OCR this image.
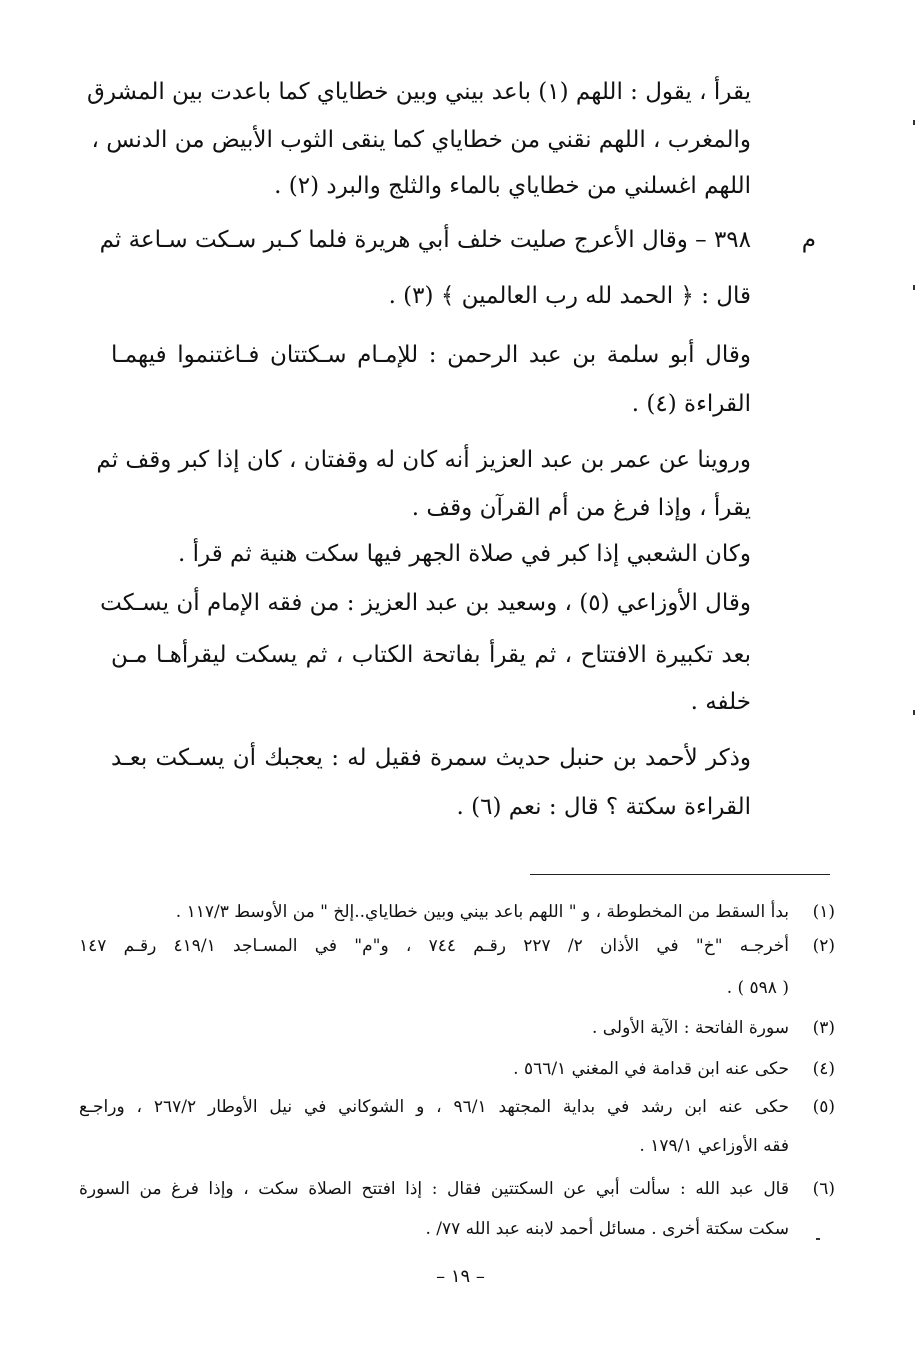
يقرأ ، يقول : اللهم (١) باعد بيني وبين خطاياي كما باعدت بين المشرق
والمغرب ، اللهم نقني من خطاياي كما ينقى الثوب الأبيض من الدنس ،
اللهم اغسلني من خطاياي بالماء والثلج والبرد (٢) .
م
٣٩٨ – وقال الأعرج صليت خلف أبي هريرة فلما كـبر سـكت سـاعة ثم
قال : ﴿ الحمد لله رب العالمين ﴾ (٣) .
وقال أبو سلمة بن عبد الرحمن : للإمـام سـكتتان فـاغتنموا فيهمـا
القراءة (٤) .
وروينا عن عمر بن عبد العزيز أنه كان له وقفتان ، كان إذا كبر وقف ثم
يقرأ ، وإذا فرغ من أم القرآن وقف .
وكان الشعبي إذا كبر في صلاة الجهر فيها سكت هنية ثم قرأ .
وقال الأوزاعي (٥) ، وسعيد بن عبد العزيز : من فقه الإمام أن يسـكت
بعد تكبيرة الافتتاح ، ثم يقرأ بفاتحة الكتاب ، ثم يسكت ليقرأهـا مـن
خلفه .
وذكر لأحمد بن حنبل حديث سمرة فقيل له : يعجبك أن يسـكت بعـد
القراءة سكتة ؟ قال : نعم (٦) .
(١)
بدأ السقط من المخطوطة ، و " اللهم باعد بيني وبين خطاياي..إلخ " من الأوسط ١١٧/٣ .
(٢)
أخرجـه "خ" في الأذان ٢/ ٢٢٧ رقـم ٧٤٤ ، و"م" في المسـاجد ٤١٩/١ رقـم ١٤٧
( ٥٩٨ ) .
(٣)
سورة الفاتحة : الآية الأولى .
(٤)
حكى عنه ابن قدامة في المغني ٥٦٦/١ .
(٥)
حكى عنه ابن رشد في بداية المجتهد ٩٦/١ ، و الشوكاني في نيل الأوطار ٢٦٧/٢ ، وراجـع
فقه الأوزاعي ١٧٩/١ .
(٦)
قال عبد الله : سألت أبي عن السكتتين فقال : إذا افتتح الصلاة سكت ، وإذا فرغ من السورة
سكت سكتة أخرى . مسائل أحمد لابنه عبد الله ٧٧/ .
– ١٩ –
